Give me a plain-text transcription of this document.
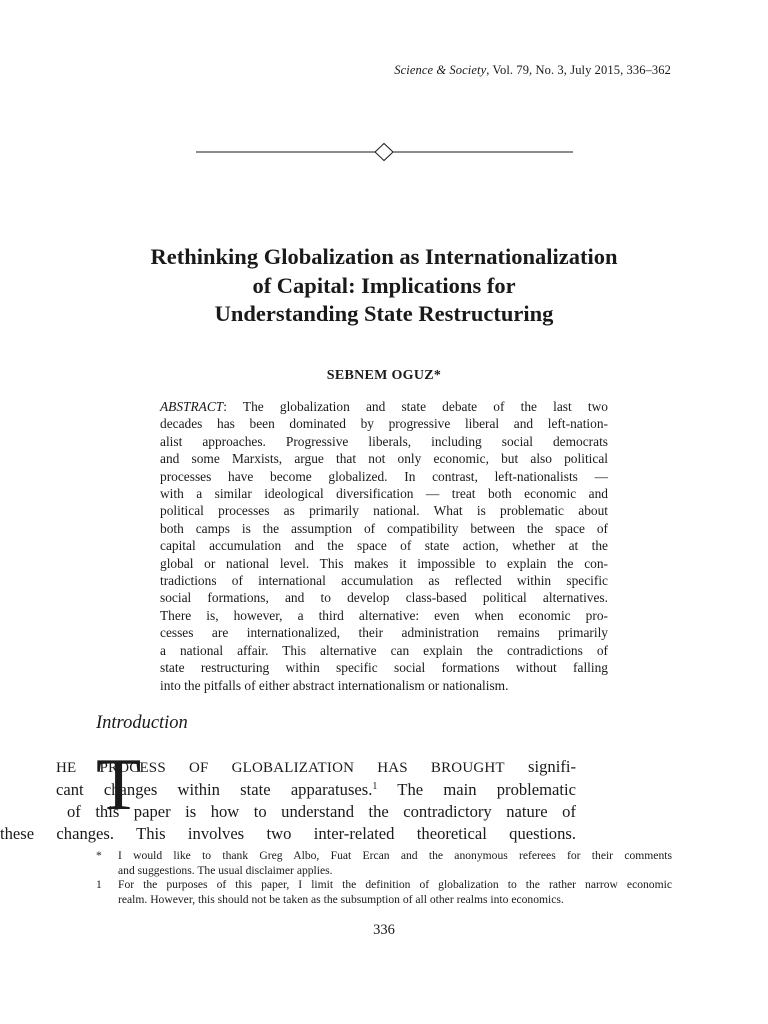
Science & Society, Vol. 79, No. 3, July 2015, 336–362
Rethinking Globalization as Internationalization
of Capital: Implications for
Understanding State Restructuring
SEBNEM OGUZ*
ABSTRACT: The globalization and state debate of the last two
decades has been dominated by progressive liberal and left-nation-
alist approaches. Progressive liberals, including social democrats
and some Marxists, argue that not only economic, but also political
processes have become globalized. In contrast, left-nationalists —
with a similar ideological diversification — treat both economic and
political processes as primarily national. What is problematic about
both camps is the assumption of compatibility between the space of
capital accumulation and the space of state action, whether at the
global or national level. This makes it impossible to explain the con-
tradictions of international accumulation as reflected within specific
social formations, and to develop class-based political alternatives.
There is, however, a third alternative: even when economic pro-
cesses are internationalized, their administration remains primarily
a national affair. This alternative can explain the contradictions of
state restructuring within specific social formations without falling
into the pitfalls of either abstract internationalism or nationalism.
Introduction
T
HE PROCESS OF GLOBALIZATION HAS BROUGHT signifi-
cant changes within state apparatuses.$^1$ The main problematic
of this paper is how to understand the contradictory nature of
these changes. This involves two inter-related theoretical questions.
* I would like to thank Greg Albo, Fuat Ercan and the anonymous referees for their comments
and suggestions. The usual disclaimer applies.
1 For the purposes of this paper, I limit the definition of globalization to the rather narrow economic
realm. However, this should not be taken as the subsumption of all other realms into economics.
336
